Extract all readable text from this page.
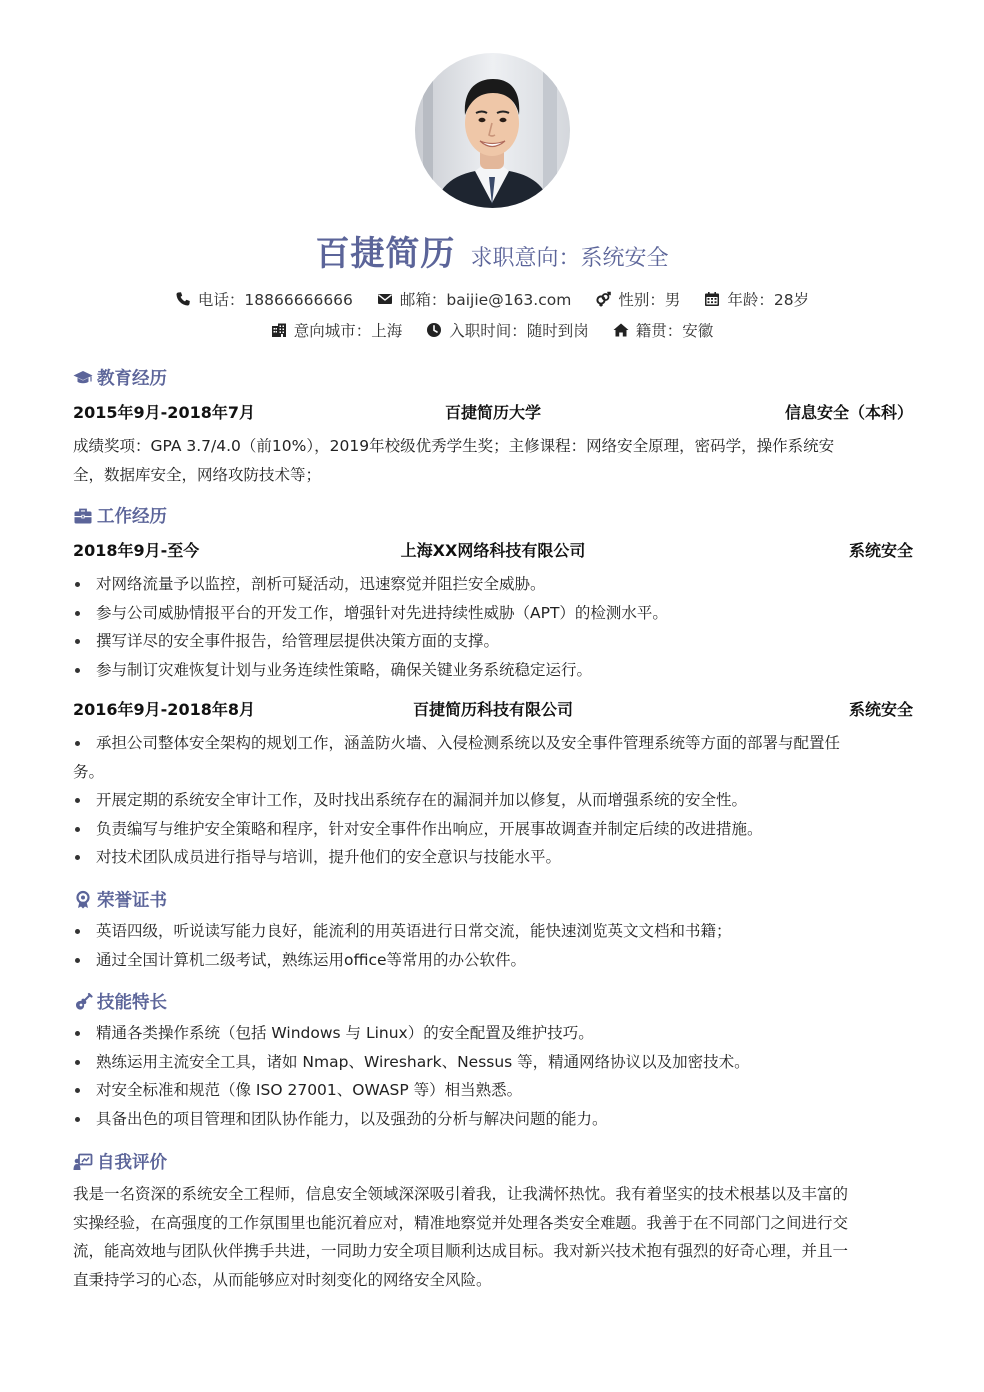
百捷简历 求职意向：系统安全
电话：18866666666	邮箱：baijie@163.com	性别：男	年龄：28岁
意向城市：上海	入职时间：随时到岗	籍贯：安徽
教育经历
2015年9月-2018年7月	百捷简历大学	信息安全（本科）
成绩奖项：GPA 3.7/4.0（前10%），2019年校级优秀学生奖；主修课程：网络安全原理，密码学，操作系统安
全，数据库安全，网络攻防技术等；
工作经历
2018年9月-至今	上海XX网络科技有限公司	系统安全
对网络流量予以监控，剖析可疑活动，迅速察觉并阻拦安全威胁。
参与公司威胁情报平台的开发工作，增强针对先进持续性威胁（APT）的检测水平。
撰写详尽的安全事件报告，给管理层提供决策方面的支撑。
参与制订灾难恢复计划与业务连续性策略，确保关键业务系统稳定运行。
2016年9月-2018年8月	百捷简历科技有限公司	系统安全
承担公司整体安全架构的规划工作，涵盖防火墙、入侵检测系统以及安全事件管理系统等方面的部署与配置任
务。
开展定期的系统安全审计工作，及时找出系统存在的漏洞并加以修复，从而增强系统的安全性。
负责编写与维护安全策略和程序，针对安全事件作出响应，开展事故调查并制定后续的改进措施。
对技术团队成员进行指导与培训，提升他们的安全意识与技能水平。
荣誉证书
英语四级，听说读写能力良好，能流利的用英语进行日常交流，能快速浏览英文文档和书籍；
通过全国计算机二级考试，熟练运用office等常用的办公软件。
技能特长
精通各类操作系统（包括 Windows 与 Linux）的安全配置及维护技巧。
熟练运用主流安全工具，诸如 Nmap、Wireshark、Nessus 等，精通网络协议以及加密技术。
对安全标准和规范（像 ISO 27001、OWASP 等）相当熟悉。
具备出色的项目管理和团队协作能力，以及强劲的分析与解决问题的能力。
自我评价
我是一名资深的系统安全工程师，信息安全领域深深吸引着我，让我满怀热忱。我有着坚实的技术根基以及丰富的
实操经验，在高强度的工作氛围里也能沉着应对，精准地察觉并处理各类安全难题。我善于在不同部门之间进行交
流，能高效地与团队伙伴携手共进，一同助力安全项目顺利达成目标。我对新兴技术抱有强烈的好奇心理，并且一
直秉持学习的心态，从而能够应对时刻变化的网络安全风险。
